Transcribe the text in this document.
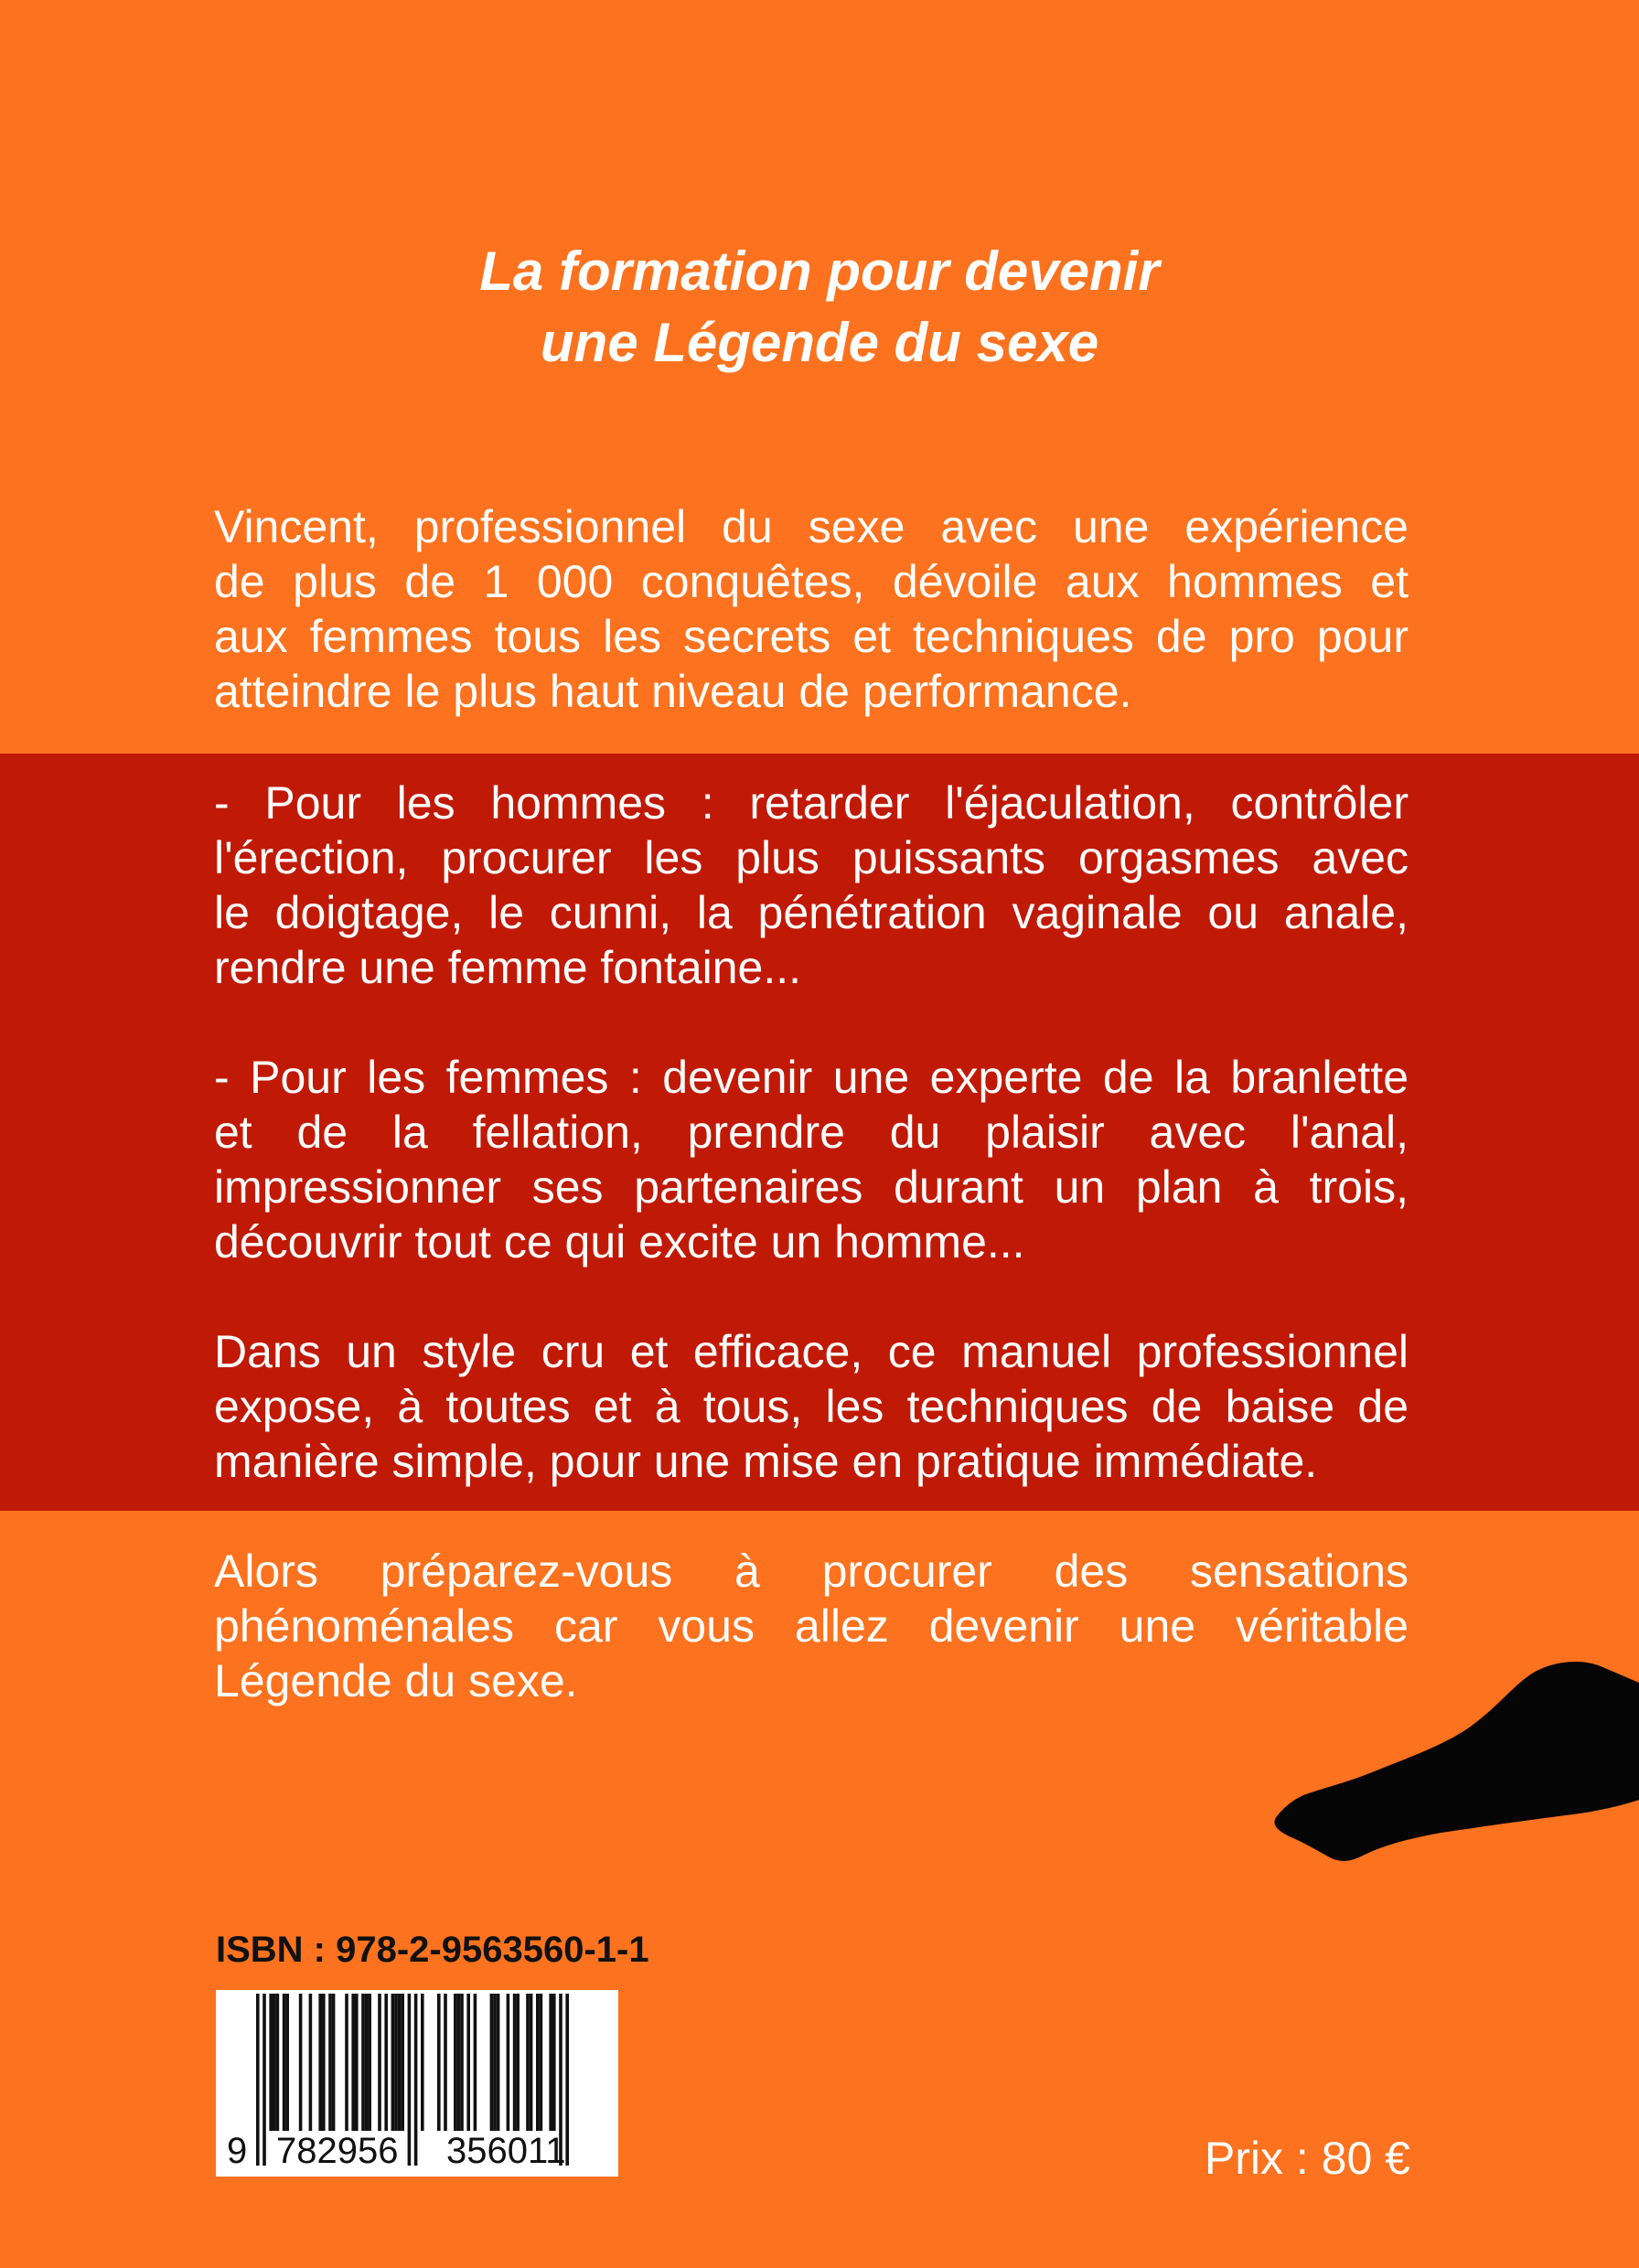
La formation pour devenir
une Légende du sexe
Vincent, professionnel du sexe avec une expérience
de plus de 1 000 conquêtes, dévoile aux hommes et
aux femmes tous les secrets et techniques de pro pour
atteindre le plus haut niveau de performance.
- Pour les hommes : retarder l'éjaculation, contrôler
l'érection, procurer les plus puissants orgasmes avec
le doigtage, le cunni, la pénétration vaginale ou anale,
rendre une femme fontaine...
- Pour les femmes : devenir une experte de la branlette
et de la fellation, prendre du plaisir avec l'anal,
impressionner ses partenaires durant un plan à trois,
découvrir tout ce qui excite un homme...
Dans un style cru et efficace, ce manuel professionnel
expose, à toutes et à tous, les techniques de baise de
manière simple, pour une mise en pratique immédiate.
Alors préparez-vous à procurer des sensations
phénoménales car vous allez devenir une véritable
Légende du sexe.
ISBN : 978-2-9563560-1-1
9 782956 356011	Prix : 80 €
